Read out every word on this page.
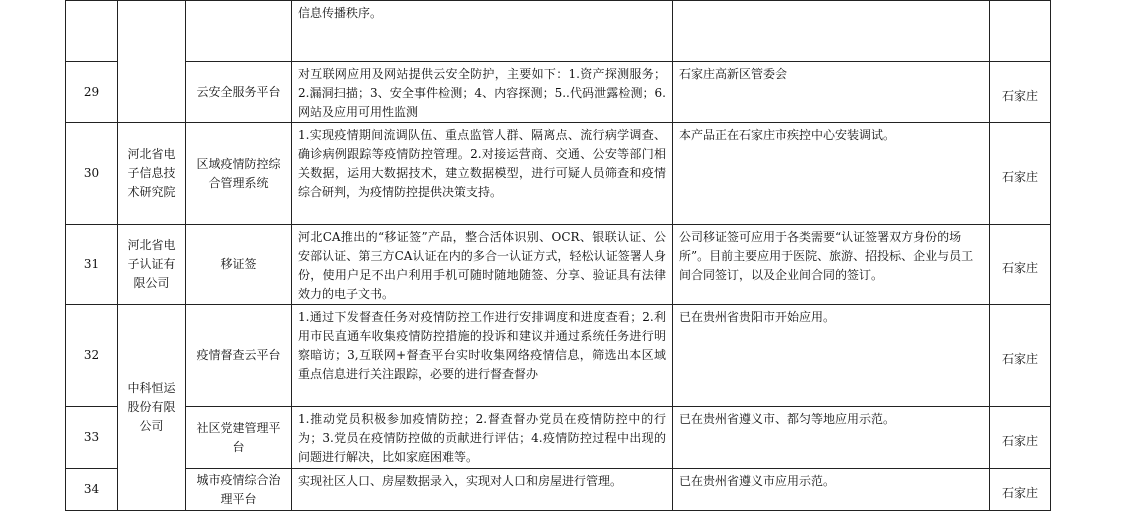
			信息传播秩序。		
29		云安全服务平台	对互联网应用及网站提供云安全防护，主要如下：1.资产探测服务；2.漏洞扫描；3、安全事件检测；4、内容探测；5..代码泄露检测；6.网站及应用可用性监测	石家庄高新区管委会	石家庄
30	河北省电子信息技术研究院	区域疫情防控综合管理系统	1.实现疫情期间流调队伍、重点监管人群、隔离点、流行病学调查、确诊病例跟踪等疫情防控管理。2.对接运营商、交通、公安等部门相关数据，运用大数据技术，建立数据模型，进行可疑人员筛查和疫情综合研判，为疫情防控提供决策支持。	本产品正在石家庄市疾控中心安装调试。	石家庄
31	河北省电子认证有限公司	移证签	河北CA推出的“移证签”产品，整合活体识别、OCR、银联认证、公安部认证、第三方CA认证在内的多合一认证方式，轻松认证签署人身份，使用户足不出户利用手机可随时随地随签、分享、验证具有法律效力的电子文书。	公司移证签可应用于各类需要“认证签署双方身份的场所”。目前主要应用于医院、旅游、招投标、企业与员工间合同签订，以及企业间合同的签订。	石家庄
32	中科恒运股份有限公司	疫情督查云平台	1.通过下发督查任务对疫情防控工作进行安排调度和进度查看；2.利用市民直通车收集疫情防控措施的投诉和建议并通过系统任务进行明察暗访；3,互联网+督查平台实时收集网络疫情信息，筛选出本区域重点信息进行关注跟踪，必要的进行督查督办	已在贵州省贵阳市开始应用。	石家庄
33		社区党建管理平台	1.推动党员积极参加疫情防控；2.督查督办党员在疫情防控中的行为；3.党员在疫情防控做的贡献进行评估；4.疫情防控过程中出现的问题进行解决，比如家庭困难等。	已在贵州省遵义市、都匀等地应用示范。	石家庄
34		城市疫情综合治理平台	实现社区人口、房屋数据录入，实现对人口和房屋进行管理。	已在贵州省遵义市应用示范。	石家庄
